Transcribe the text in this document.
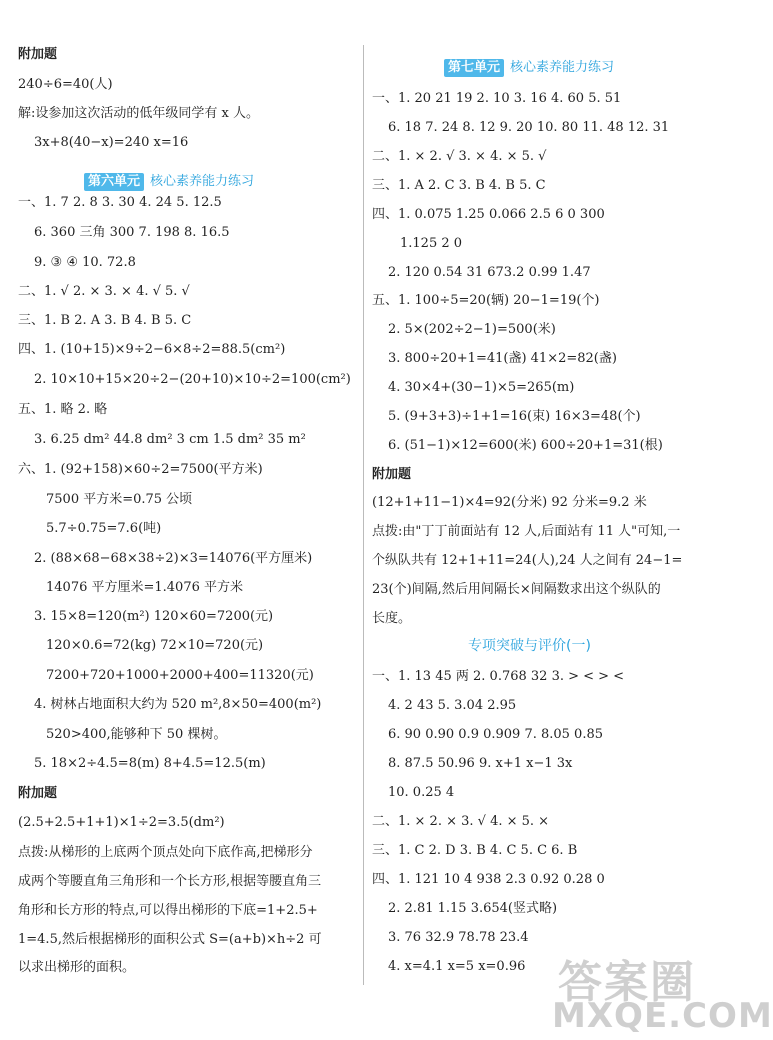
第六单元 核心素养能力练习
附加题
240÷6=40(人)
解:设参加这次活动的低年级同学有 x 人。
3x+8(40−x)=240 x=16
一、1. 7 2. 8 3. 30 4. 24 5. 12.5
6. 360 三角 300 7. 198 8. 16.5
9. ③ ④ 10. 72.8
二、1. √ 2. × 3. × 4. √ 5. √
三、1. B 2. A 3. B 4. B 5. C
四、1. (10+15)×9÷2−6×8÷2=88.5(cm²)
2. 10×10+15×20÷2−(20+10)×10÷2=100(cm²)
五、1. 略 2. 略
3. 6.25 dm² 44.8 dm² 3 cm 1.5 dm² 35 m²
六、1. (92+158)×60÷2=7500(平方米)
7500 平方米=0.75 公顷
5.7÷0.75=7.6(吨)
2. (88×68−68×38÷2)×3=14076(平方厘米)
14076 平方厘米=1.4076 平方米
3. 15×8=120(m²) 120×60=7200(元)
120×0.6=72(kg) 72×10=720(元)
7200+720+1000+2000+400=11320(元)
4. 树林占地面积大约为 520 m²,8×50=400(m²)
520>400,能够种下 50 棵树。
5. 18×2÷4.5=8(m) 8+4.5=12.5(m)
附加题
(2.5+2.5+1+1)×1÷2=3.5(dm²)
点拨:从梯形的上底两个顶点处向下底作高,把梯形分
成两个等腰直角三角形和一个长方形,根据等腰直角三
角形和长方形的特点,可以得出梯形的下底=1+2.5+
1=4.5,然后根据梯形的面积公式 S=(a+b)×h÷2 可
以求出梯形的面积。
第七单元 核心素养能力练习
专项突破与评价(一)
一、1. 20 21 19 2. 10 3. 16 4. 60 5. 51
6. 18 7. 24 8. 12 9. 20 10. 80 11. 48 12. 31
二、1. × 2. √ 3. × 4. × 5. √
三、1. A 2. C 3. B 4. B 5. C
四、1. 0.075 1.25 0.066 2.5 6 0 300
1.125 2 0
2. 120 0.54 31 673.2 0.99 1.47
五、1. 100÷5=20(辆) 20−1=19(个)
2. 5×(202÷2−1)=500(米)
3. 800÷20+1=41(盏) 41×2=82(盏)
4. 30×4+(30−1)×5=265(m)
5. (9+3+3)÷1+1=16(束) 16×3=48(个)
6. (51−1)×12=600(米) 600÷20+1=31(根)
附加题
(12+1+11−1)×4=92(分米) 92 分米=9.2 米
点拨:由"丁丁前面站有 12 人,后面站有 11 人"可知,一
个纵队共有 12+1+11=24(人),24 人之间有 24−1=
23(个)间隔,然后用间隔长×间隔数求出这个纵队的
长度。
一、1. 13 45 两 2. 0.768 32 3. > < > <
4. 2 43 5. 3.04 2.95
6. 90 0.90 0.9 0.909 7. 8.05 0.85
8. 87.5 50.96 9. x+1 x−1 3x
10. 0.25 4
二、1. × 2. × 3. √ 4. × 5. ×
三、1. C 2. D 3. B 4. C 5. C 6. B
四、1. 121 10 4 938 2.3 0.92 0.28 0
2. 2.81 1.15 3.654(竖式略)
3. 76 32.9 78.78 23.4
4. x=4.1 x=5 x=0.96 答案圈
MXQE.COM
